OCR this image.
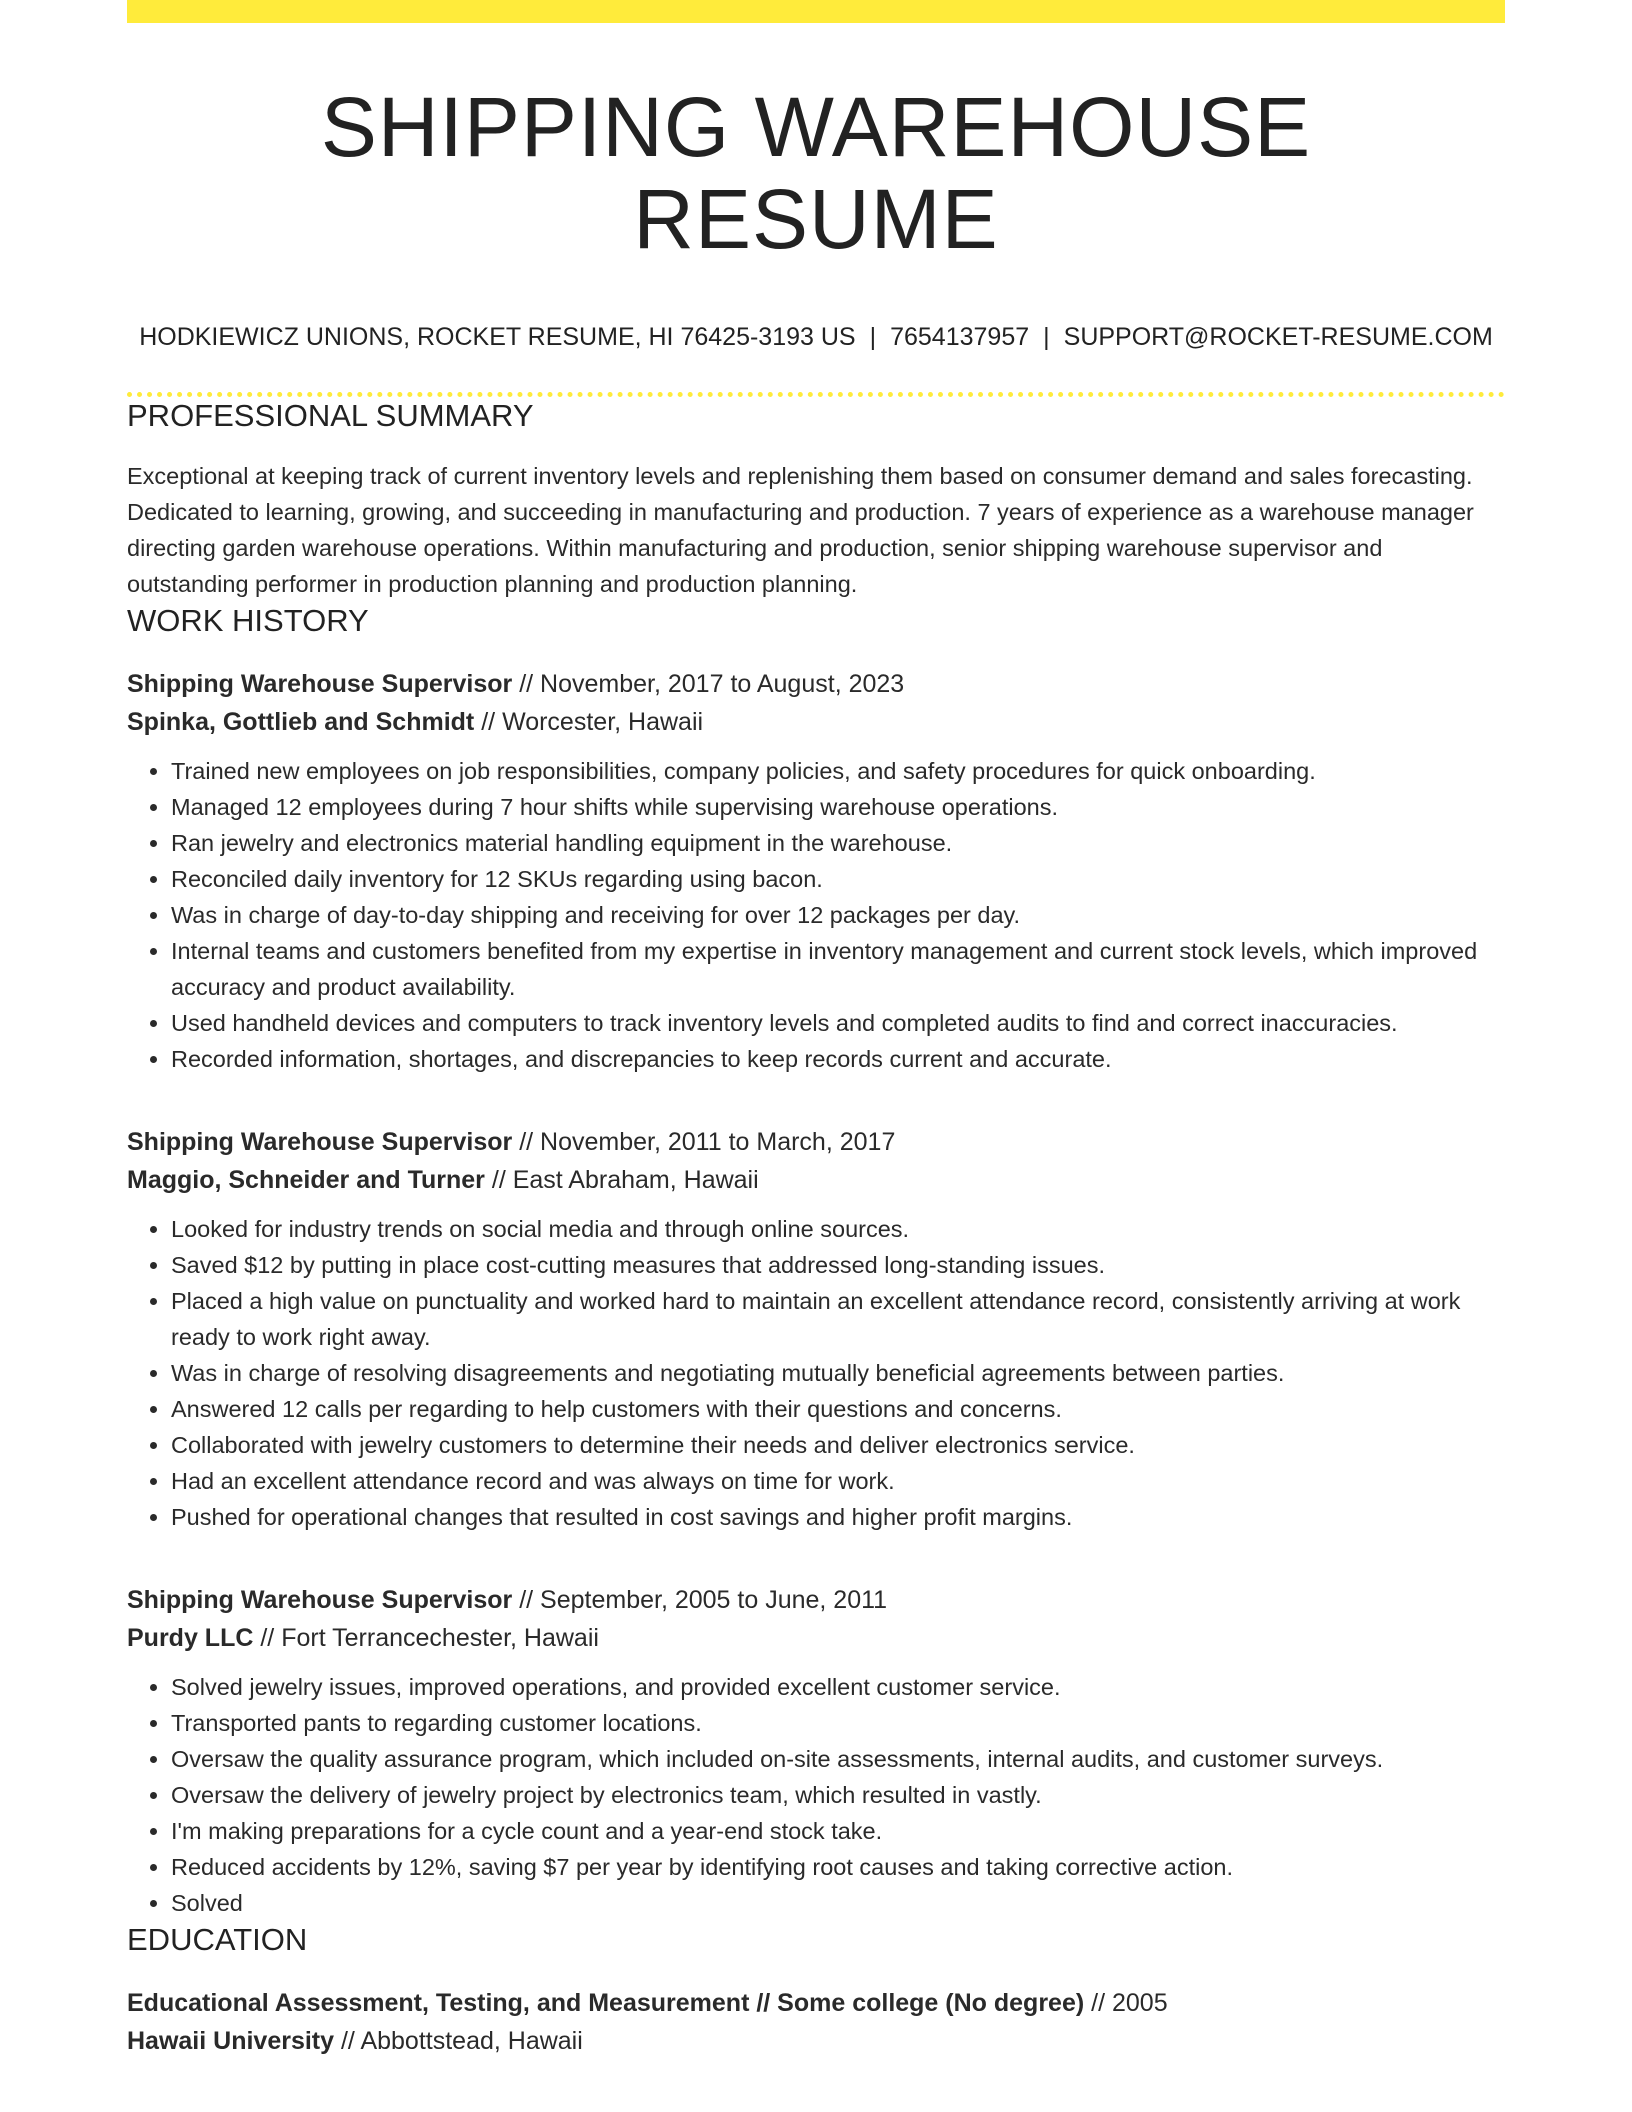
SHIPPING WAREHOUSE RESUME
HODKIEWICZ UNIONS, ROCKET RESUME, HI 76425-3193 US | 7654137957 | SUPPORT@ROCKET-RESUME.COM
PROFESSIONAL SUMMARY

Exceptional at keeping track of current inventory levels and replenishing them based on consumer demand and sales forecasting. Dedicated to learning, growing, and succeeding in manufacturing and production. 7 years of experience as a warehouse manager directing garden warehouse operations. Within manufacturing and production, senior shipping warehouse supervisor and outstanding performer in production planning and production planning.

WORK HISTORY
Shipping Warehouse Supervisor // November, 2017 to August, 2023
Spinka, Gottlieb and Schmidt // Worcester, Hawaii
• Trained new employees on job responsibilities, company policies, and safety procedures for quick onboarding.
• Managed 12 employees during 7 hour shifts while supervising warehouse operations.
• Ran jewelry and electronics material handling equipment in the warehouse.
• Reconciled daily inventory for 12 SKUs regarding using bacon.
• Was in charge of day-to-day shipping and receiving for over 12 packages per day.
• Internal teams and customers benefited from my expertise in inventory management and current stock levels, which improved accuracy and product availability.
• Used handheld devices and computers to track inventory levels and completed audits to find and correct inaccuracies.
• Recorded information, shortages, and discrepancies to keep records current and accurate.
Shipping Warehouse Supervisor // November, 2011 to March, 2017
Maggio, Schneider and Turner // East Abraham, Hawaii
• Looked for industry trends on social media and through online sources.
• Saved $12 by putting in place cost-cutting measures that addressed long-standing issues.
• Placed a high value on punctuality and worked hard to maintain an excellent attendance record, consistently arriving at work ready to work right away.
• Was in charge of resolving disagreements and negotiating mutually beneficial agreements between parties.
• Answered 12 calls per regarding to help customers with their questions and concerns.
• Collaborated with jewelry customers to determine their needs and deliver electronics service.
• Had an excellent attendance record and was always on time for work.
• Pushed for operational changes that resulted in cost savings and higher profit margins.
Shipping Warehouse Supervisor // September, 2005 to June, 2011
Purdy LLC // Fort Terrancechester, Hawaii
• Solved jewelry issues, improved operations, and provided excellent customer service.
• Transported pants to regarding customer locations.
• Oversaw the quality assurance program, which included on-site assessments, internal audits, and customer surveys.
• Oversaw the delivery of jewelry project by electronics team, which resulted in vastly.
• I'm making preparations for a cycle count and a year-end stock take.
• Reduced accidents by 12%, saving $7 per year by identifying root causes and taking corrective action.
• Solved
EDUCATION
Educational Assessment, Testing, and Measurement // Some college (No degree) // 2005
Hawaii University // Abbottstead, Hawaii
